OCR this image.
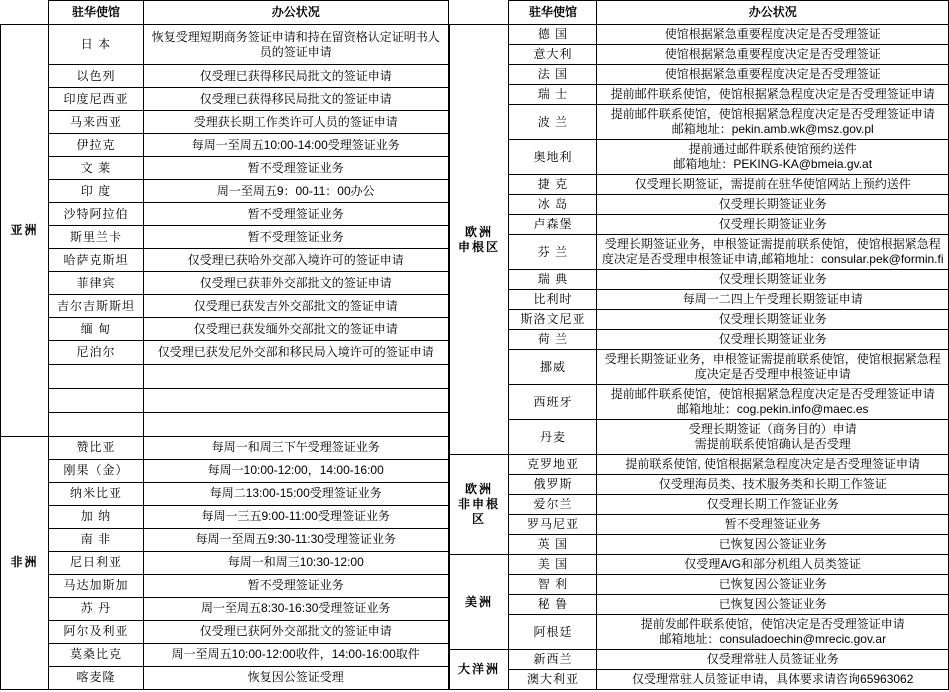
	驻华使馆	办公状况
亚洲	日 本	恢复受理短期商务签证申请和持在留资格认定证明书人员的签证申请
	以色列	仅受理已获得移民局批文的签证申请
	印度尼西亚	仅受理已获得移民局批文的签证申请
	马来西亚	受理获长期工作类许可人员的签证申请
	伊拉克	每周一至周五10:00-14:00受理签证业务
	文 莱	暂不受理签证业务
	印 度	周一至周五9：00-11：00办公
	沙特阿拉伯	暂不受理签证业务
	斯里兰卡	暂不受理签证业务
	哈萨克斯坦	仅受理已获哈外交部入境许可的签证申请
	菲律宾	仅受理已获菲外交部批文的签证申请
	吉尔吉斯斯坦	仅受理已获发吉外交部批文的签证申请
	缅 甸	仅受理已获发缅外交部批文的签证申请
	尼泊尔	仅受理已获发尼外交部和移民局入境许可的签证申请

非洲	赞比亚	每周一和周三下午受理签证业务
	刚果（金）	每周一10:00-12:00，14:00-16:00
	纳米比亚	每周二13:00-15:00受理签证业务
	加 纳	每周一三五9:00-11:00受理签证业务
	南 非	每周一至周五9:30-11:30受理签证业务
	尼日利亚	每周一和周三10:30-12:00
	马达加斯加	暂不受理签证业务
	苏 丹	周一至周五8:30-16:30受理签证业务
	阿尔及利亚	仅受理已获阿外交部批文的签证申请
	莫桑比克	周一至周五10:00-12:00收件，14:00-16:00取件
	喀麦隆	恢复因公签证受理
	驻华使馆	办公状况
欧洲
申根区	德 国	使馆根据紧急重要程度决定是否受理签证
	意大利	使馆根据紧急重要程度决定是否受理签证
	法 国	使馆根据紧急重要程度决定是否受理签证
	瑞 士	提前邮件联系使馆，使馆根据紧急程度决定是否受理签证申请
	波 兰	提前邮件联系使馆，使馆根据紧急程度决定是否受理签证申请
邮箱地址：pekin.amb.wk@msz.gov.pl
	奥地利	提前通过邮件联系使馆预约送件
邮箱地址：PEKING-KA@bmeia.gv.at
	捷 克	仅受理长期签证，需提前在驻华使馆网站上预约送件
	冰 岛	仅受理长期签证业务
	卢森堡	仅受理长期签证业务
	芬 兰	受理长期签证业务，申根签证需提前联系使馆，使馆根据紧急程度决定是否受理申根签证申请,邮箱地址：consular.pek@formin.fi
	瑞 典	仅受理长期签证业务
	比利时	每周一二四上午受理长期签证申请
	斯洛文尼亚	仅受理长期签证业务
	荷 兰	仅受理长期签证业务
	挪威	受理长期签证业务，申根签证需提前联系使馆，使馆根据紧急程度决定是否受理申根签证申请
	西班牙	提前邮件联系使馆，使馆根据紧急程度决定是否受理签证申请
邮箱地址：cog.pekin.info@maec.es
	丹麦	受理长期签证（商务目的）申请
需提前联系使馆确认是否受理
欧洲
非申根区	克罗地亚	提前联系使馆, 使馆根据紧急程度决定是否受理签证申请
	俄罗斯	仅受理海员类、技术服务类和长期工作签证
	爱尔兰	仅受理长期工作签证业务
	罗马尼亚	暂不受理签证业务
	英 国	已恢复因公签证业务
美洲	美 国	仅受理A/G和部分机组人员类签证
	智 利	已恢复因公签证业务
	秘 鲁	已恢复因公签证业务
	阿根廷	提前发邮件联系使馆，使馆决定是否受理签证申请
邮箱地址：consuladoechin@mrecic.gov.ar
大洋洲	新西兰	仅受理常驻人员签证业务
	澳大利亚	仅受理常驻人员签证申请，具体要求请咨询65963062
